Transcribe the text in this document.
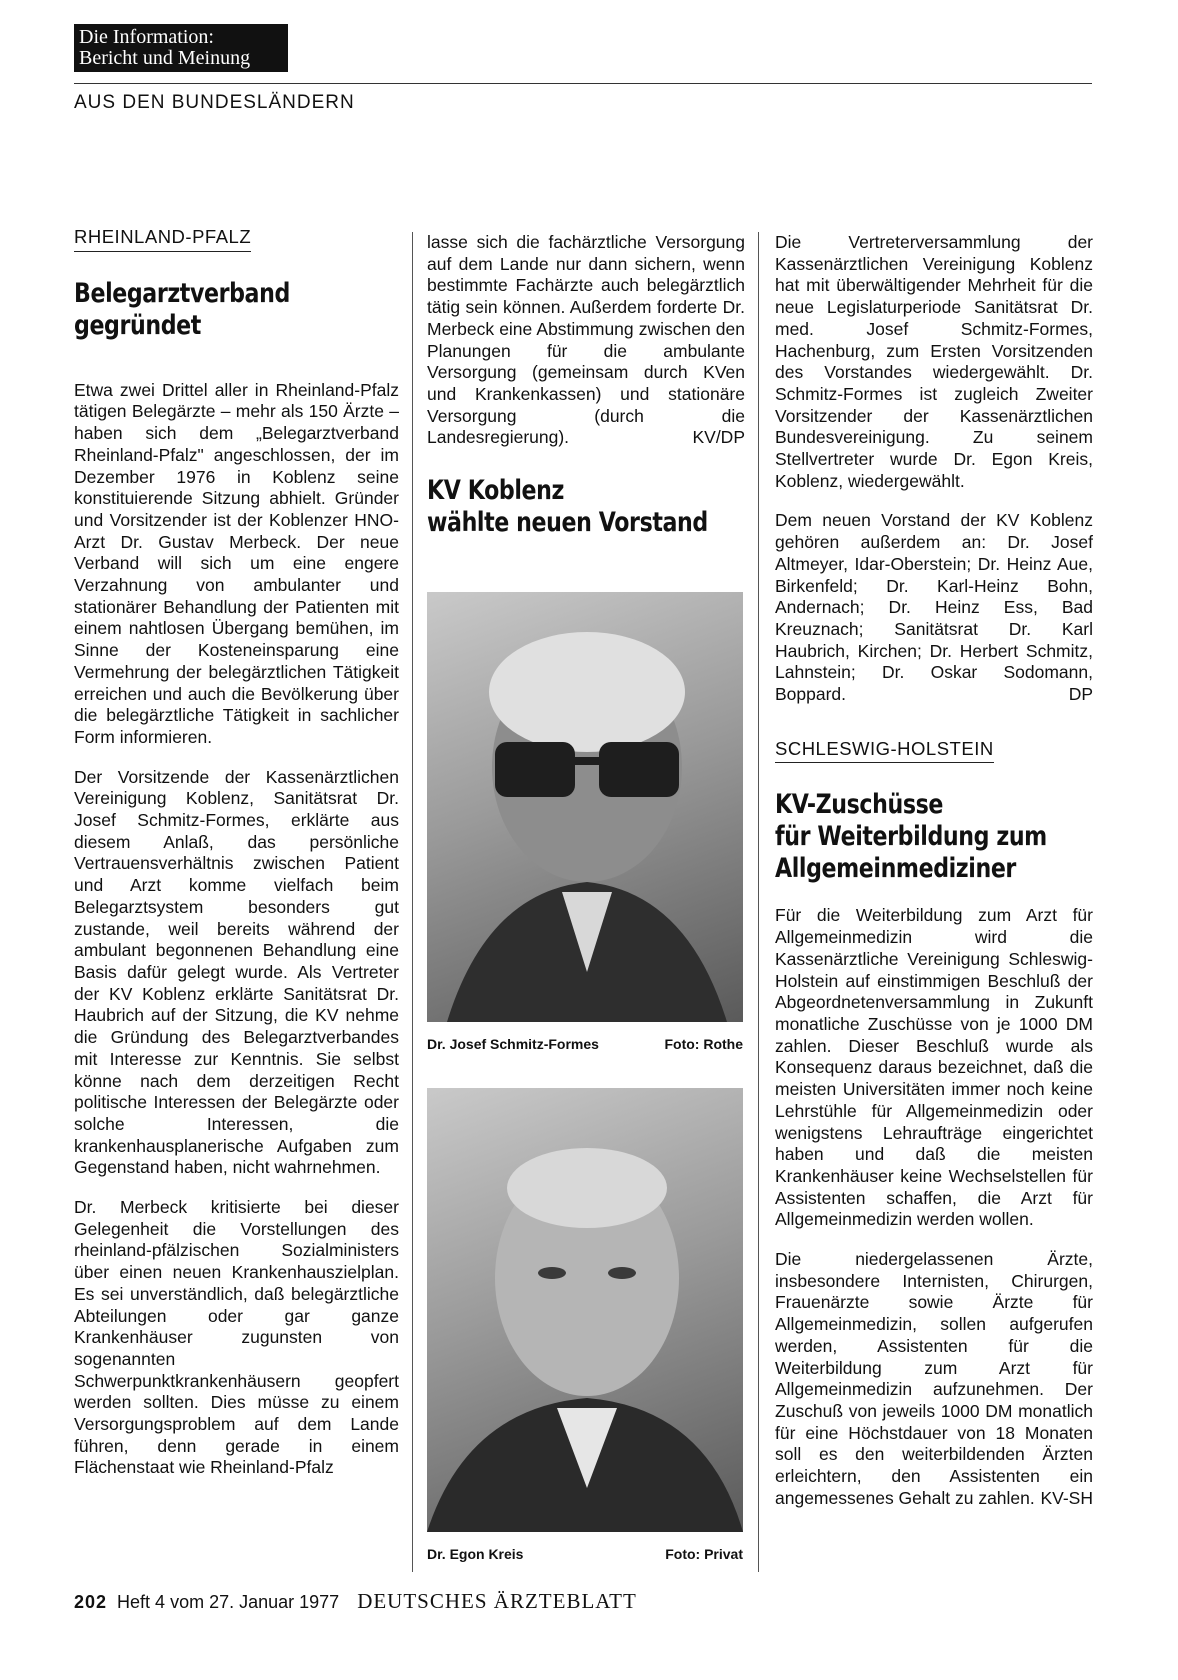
Die Information:
Bericht und Meinung
AUS DEN BUNDESLÄNDERN
RHEINLAND-PFALZ
Belegarztverband
gegründet

Etwa zwei Drittel aller in Rheinland-Pfalz tätigen Belegärzte – mehr als 150 Ärzte – haben sich dem „Belegarztverband Rheinland-Pfalz" angeschlossen, der im Dezember 1976 in Koblenz seine konstituierende Sitzung abhielt. Gründer und Vorsitzender ist der Koblenzer HNO-Arzt Dr. Gustav Merbeck. Der neue Verband will sich um eine engere Verzahnung von ambulanter und stationärer Behandlung der Patienten mit einem nahtlosen Übergang bemühen, im Sinne der Kosteneinsparung eine Vermehrung der belegärztlichen Tätigkeit erreichen und auch die Bevölkerung über die belegärztliche Tätigkeit in sachlicher Form informieren.

Der Vorsitzende der Kassenärztlichen Vereinigung Koblenz, Sanitätsrat Dr. Josef Schmitz-Formes, erklärte aus diesem Anlaß, das persönliche Vertrauensverhältnis zwischen Patient und Arzt komme vielfach beim Belegarztsystem besonders gut zustande, weil bereits während der ambulant begonnenen Behandlung eine Basis dafür gelegt wurde. Als Vertreter der KV Koblenz erklärte Sanitätsrat Dr. Haubrich auf der Sitzung, die KV nehme die Gründung des Belegarztverbandes mit Interesse zur Kenntnis. Sie selbst könne nach dem derzeitigen Recht politische Interessen der Belegärzte oder solche Interessen, die krankenhausplanerische Aufgaben zum Gegenstand haben, nicht wahrnehmen.

Dr. Merbeck kritisierte bei dieser Gelegenheit die Vorstellungen des rheinland-pfälzischen Sozialministers über einen neuen Krankenhauszielplan. Es sei unverständlich, daß belegärztliche Abteilungen oder gar ganze Krankenhäuser zugunsten von sogenannten Schwerpunktkrankenhäusern geopfert werden sollten. Dies müsse zu einem Versorgungsproblem auf dem Lande führen, denn gerade in einem Flächenstaat wie Rheinland-Pfalz

lasse sich die fachärztliche Versorgung auf dem Lande nur dann sichern, wenn bestimmte Fachärzte auch belegärztlich tätig sein können. Außerdem forderte Dr. Merbeck eine Abstimmung zwischen den Planungen für die ambulante Versorgung (gemeinsam durch KVen und Krankenkassen) und stationäre Versorgung (durch die Landesregierung).	KV/DP

KV Koblenz
wählte neuen Vorstand
Dr. Josef Schmitz-Formes	Foto: Rothe
Dr. Egon Kreis	Foto: Privat

Die Vertreterversammlung der Kassenärztlichen Vereinigung Koblenz hat mit überwältigender Mehrheit für die neue Legislaturperiode Sanitätsrat Dr. med. Josef Schmitz-Formes, Hachenburg, zum Ersten Vorsitzenden des Vorstandes wiedergewählt. Dr. Schmitz-Formes ist zugleich Zweiter Vorsitzender der Kassenärztlichen Bundesvereinigung. Zu seinem Stellvertreter wurde Dr. Egon Kreis, Koblenz, wiedergewählt.

Dem neuen Vorstand der KV Koblenz gehören außerdem an: Dr. Josef Altmeyer, Idar-Oberstein; Dr. Heinz Aue, Birkenfeld; Dr. Karl-Heinz Bohn, Andernach; Dr. Heinz Ess, Bad Kreuznach; Sanitätsrat Dr. Karl Haubrich, Kirchen; Dr. Herbert Schmitz, Lahnstein; Dr. Oskar Sodomann, Boppard.	DP

SCHLESWIG-HOLSTEIN
KV-Zuschüsse
für Weiterbildung zum
Allgemeinmediziner

Für die Weiterbildung zum Arzt für Allgemeinmedizin wird die Kassenärztliche Vereinigung Schleswig-Holstein auf einstimmigen Beschluß der Abgeordnetenversammlung in Zukunft monatliche Zuschüsse von je 1000 DM zahlen. Dieser Beschluß wurde als Konsequenz daraus bezeichnet, daß die meisten Universitäten immer noch keine Lehrstühle für Allgemeinmedizin oder wenigstens Lehraufträge eingerichtet haben und daß die meisten Krankenhäuser keine Wechselstellen für Assistenten schaffen, die Arzt für Allgemeinmedizin werden wollen.

Die niedergelassenen Ärzte, insbesondere Internisten, Chirurgen, Frauenärzte sowie Ärzte für Allgemeinmedizin, sollen aufgerufen werden, Assistenten für die Weiterbildung zum Arzt für Allgemeinmedizin aufzunehmen. Der Zuschuß von jeweils 1000 DM monatlich für eine Höchstdauer von 18 Monaten soll es den weiterbildenden Ärzten erleichtern, den Assistenten ein angemessenes Gehalt zu zahlen. KV-SH

202 Heft 4 vom 27. Januar 1977 DEUTSCHES ÄRZTEBLATT
